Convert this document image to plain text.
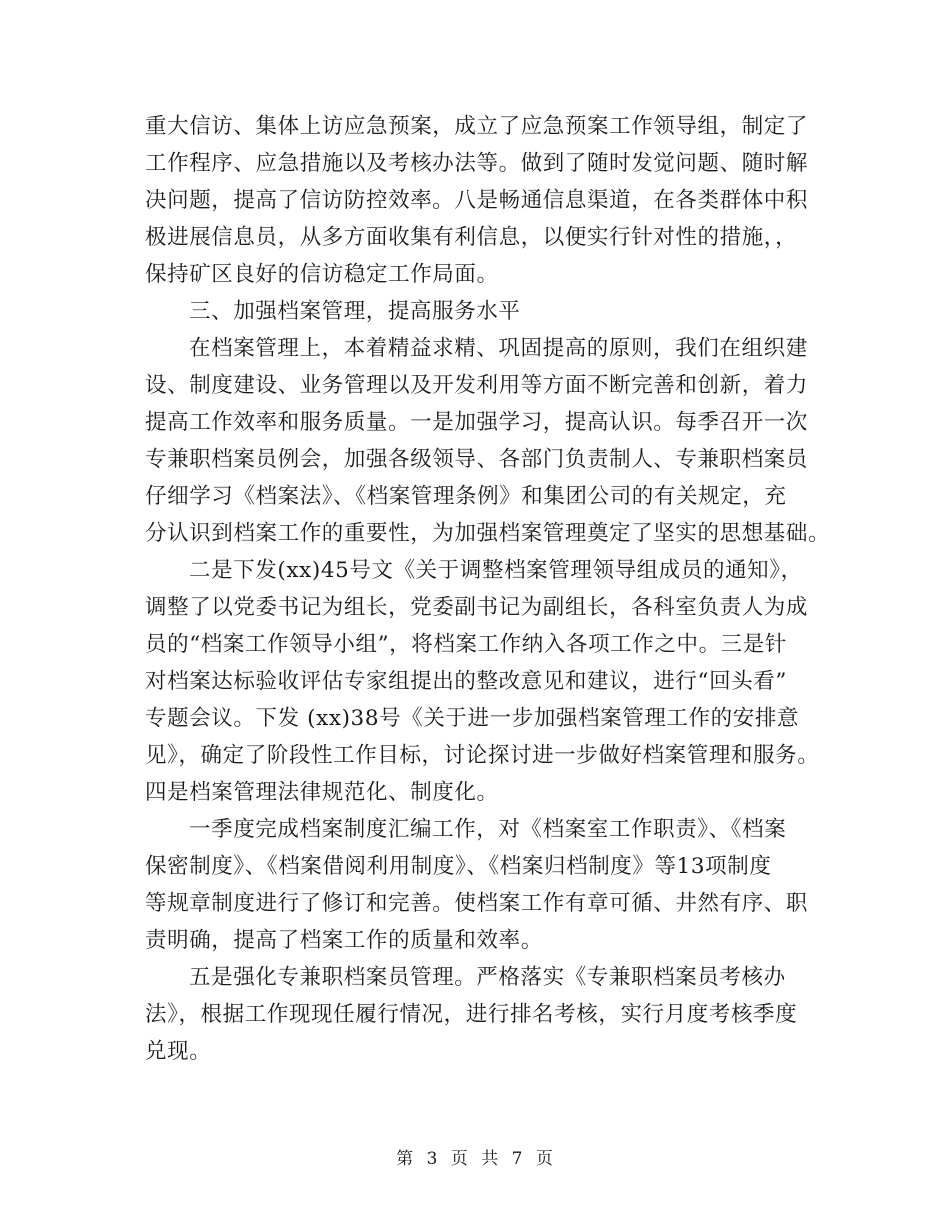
重大信访、集体上访应急预案，成立了应急预案工作领导组，制定了
工作程序、应急措施以及考核办法等。做到了随时发觉问题、随时解
决问题，提高了信访防控效率。八是畅通信息渠道，在各类群体中积
极进展信息员，从多方面收集有利信息，以便实行针对性的措施，，
保持矿区良好的信访稳定工作局面。
三、加强档案管理，提高服务水平
在档案管理上，本着精益求精、巩固提高的原则，我们在组织建
设、制度建设、业务管理以及开发利用等方面不断完善和创新，着力
提高工作效率和服务质量。一是加强学习，提高认识。每季召开一次
专兼职档案员例会，加强各级领导、各部门负责制人、专兼职档案员
仔细学习《档案法》、《档案管理条例》和集团公司的有关规定，充
分认识到档案工作的重要性，为加强档案管理奠定了坚实的思想基础。
二是下发(xx)45号文《关于调整档案管理领导组成员的通知》，
调整了以党委书记为组长，党委副书记为副组长，各科室负责人为成
员的“档案工作领导小组”，将档案工作纳入各项工作之中。三是针
对档案达标验收评估专家组提出的整改意见和建议，进行“回头看”
专题会议。下发 (xx)38号《关于进一步加强档案管理工作的安排意
见》，确定了阶段性工作目标，讨论探讨进一步做好档案管理和服务。
四是档案管理法律规范化、制度化。
一季度完成档案制度汇编工作，对《档案室工作职责》、《档案
保密制度》、《档案借阅利用制度》、《档案归档制度》等13项制度
等规章制度进行了修订和完善。使档案工作有章可循、井然有序、职
责明确，提高了档案工作的质量和效率。
五是强化专兼职档案员管理。严格落实《专兼职档案员考核办
法》，根据工作现现任履行情况，进行排名考核，实行月度考核季度
兑现。
第 3 页 共 7 页
